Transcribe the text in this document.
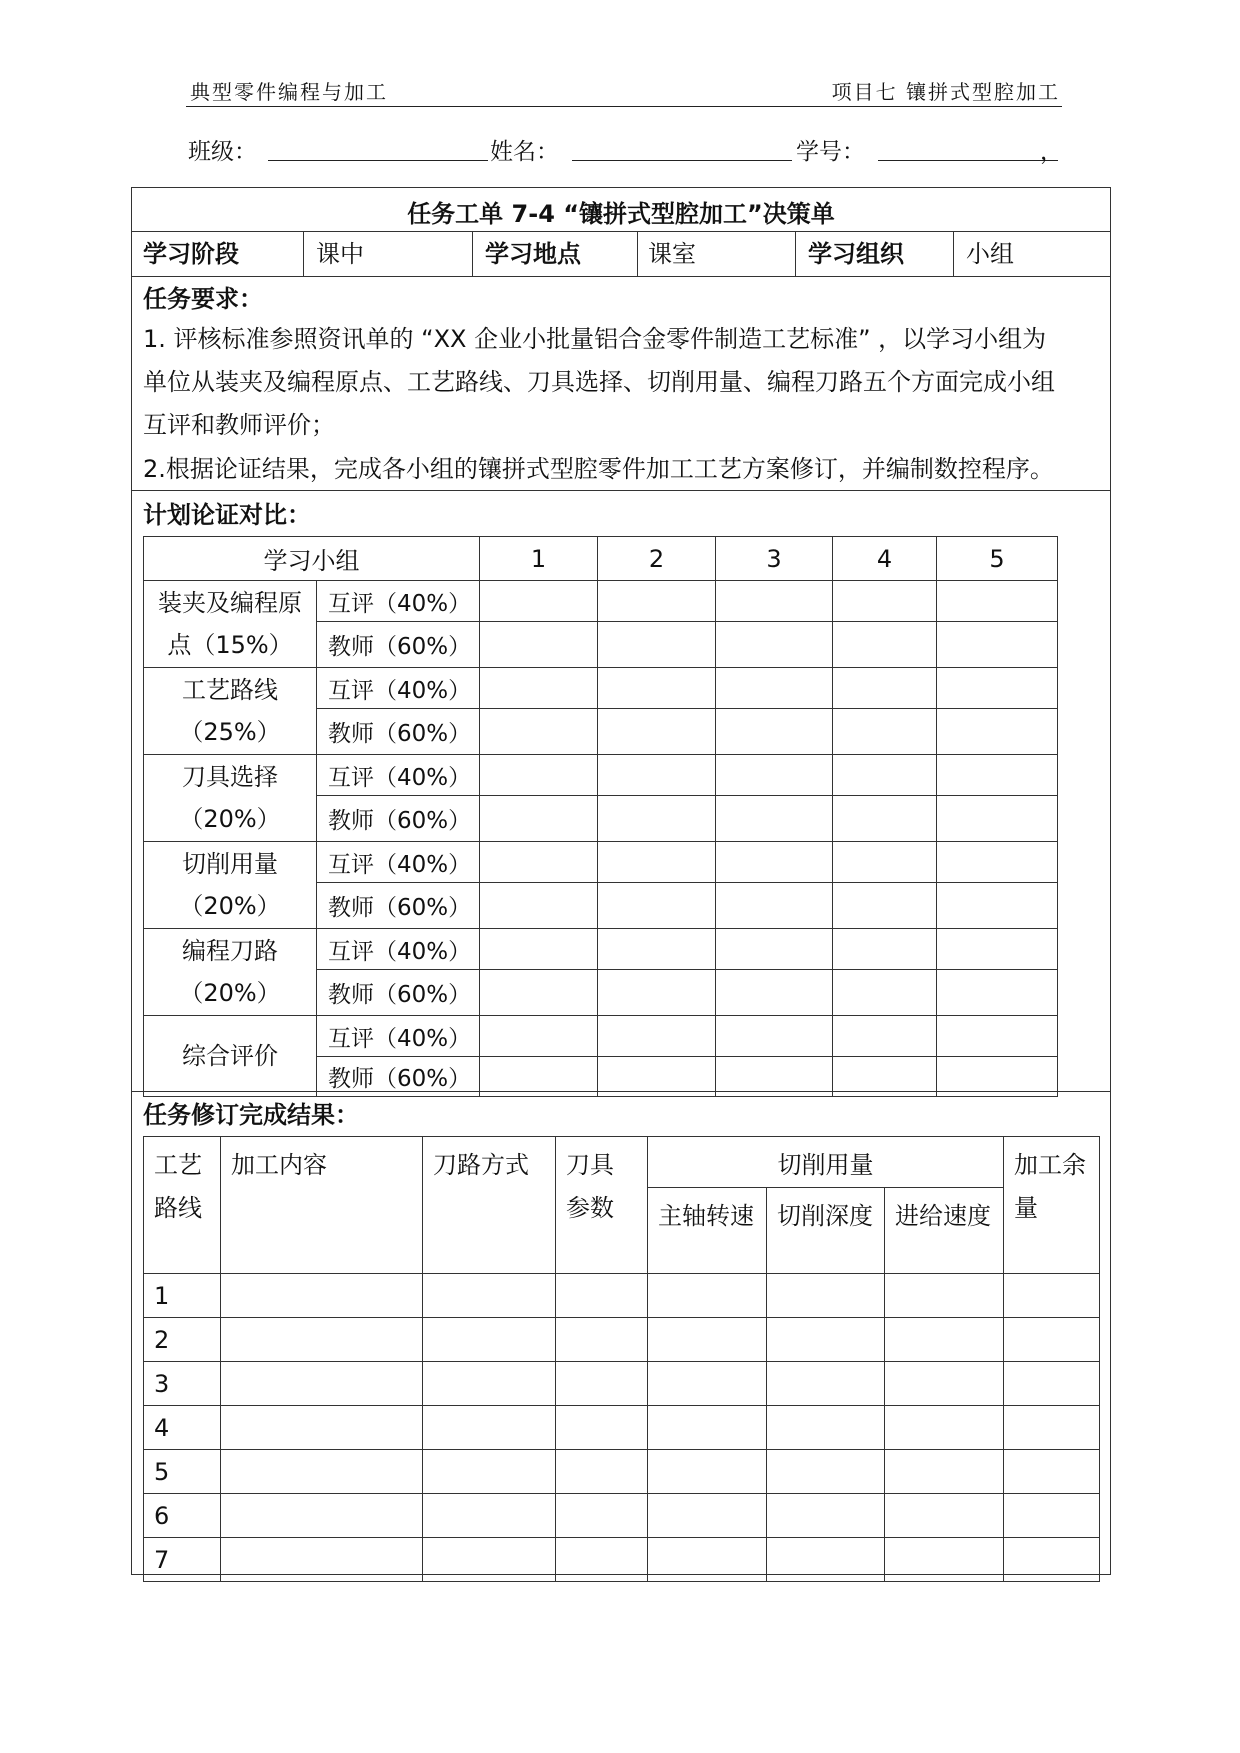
典型零件编程与加工	项目七 镶拼式型腔加工
班级：	姓名：	学号：	，
任务工单 7-4 “镶拼式型腔加工”决策单
学习阶段	课中	学习地点	课室	学习组织	小组
任务要求：
1. 评核标准参照资讯单的 “XX 企业小批量铝合金零件制造工艺标准” ，以学习小组为
单位从装夹及编程原点、工艺路线、刀具选择、切削用量、编程刀路五个方面完成小组
互评和教师评价；
2.根据论证结果，完成各小组的镶拼式型腔零件加工工艺方案修订，并编制数控程序。
计划论证对比：
学习小组		1	2	3	4	5

装夹及编程原
点（15%）	互评（40%）					
	教师（60%）					

工艺路线
（25%）	互评（40%）					
	教师（60%）					

刀具选择
（20%）	互评（40%）					
	教师（60%）					

切削用量
（20%）	互评（40%）					
	教师（60%）					

编程刀路
（20%）	互评（40%）					
	教师（60%）					

综合评价	互评（40%）					
	教师（60%）					
任务修订完成结果：
工艺路线	加工内容	刀路方式	刀具参数	切削用量			加工余量
				主轴转速	切削深度	进给速度	
1							
2							
3							
4							
5							
6							
7							
